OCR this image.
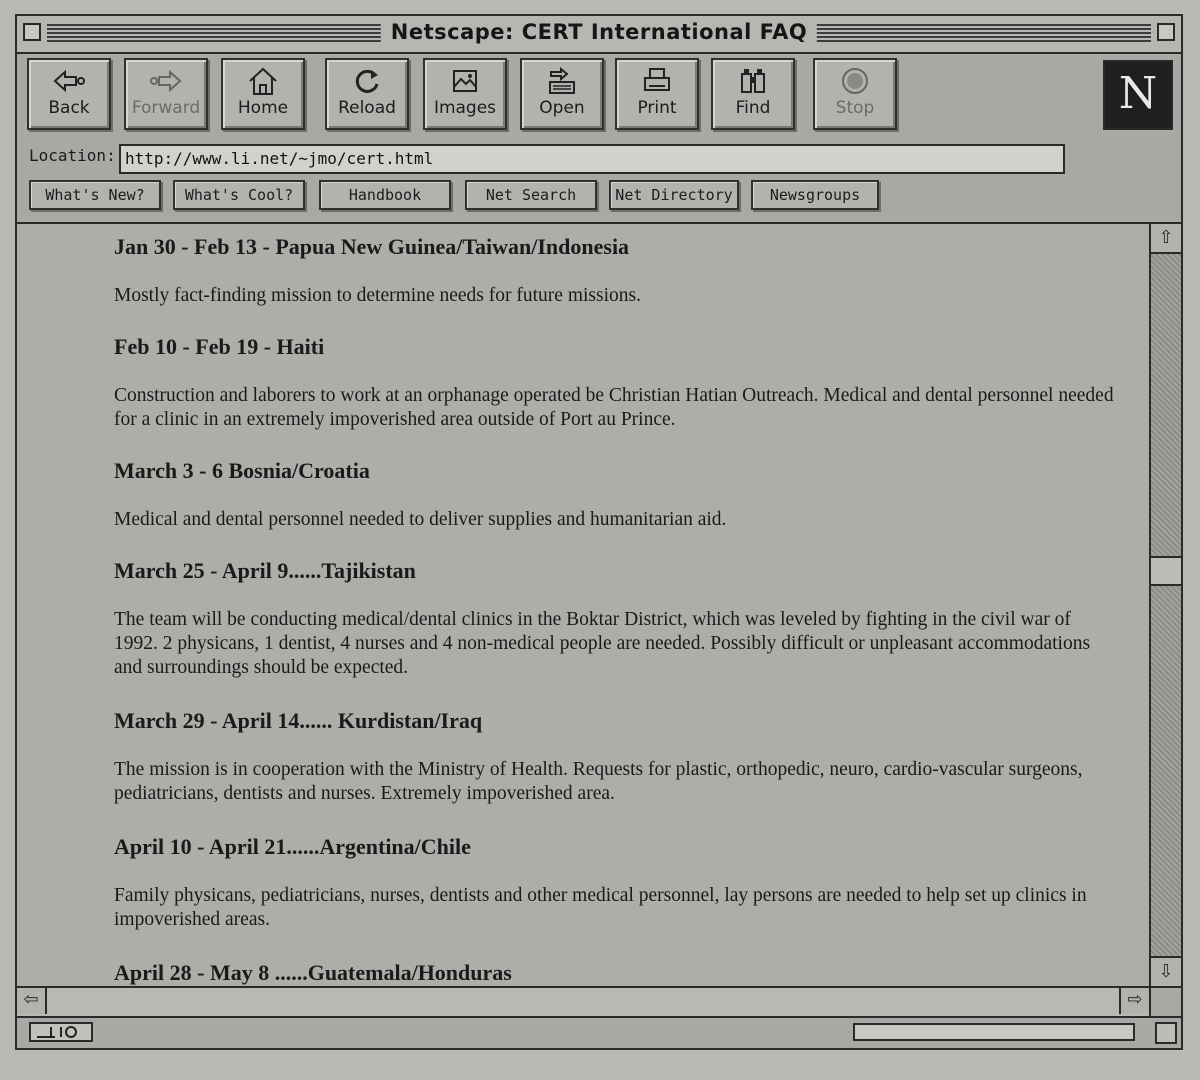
Netscape: CERT International FAQ
Back	Forward	Home	Reload	Images	Open	Print	Find	Stop	N
Location: http://www.li.net/~jmo/cert.html
What's New?	What's Cool?	Handbook	Net Search	Net Directory	Newsgroups
Jan 30 - Feb 13 - Papua New Guinea/Taiwan/Indonesia

Mostly fact-finding mission to determine needs for future missions.

Feb 10 - Feb 19 - Haiti

Construction and laborers to work at an orphanage operated be Christian Hatian Outreach. Medical and dental personnel needed for a clinic in an extremely impoverished area outside of Port au Prince.

March 3 - 6 Bosnia/Croatia

Medical and dental personnel needed to deliver supplies and humanitarian aid.

March 25 - April 9......Tajikistan

The team will be conducting medical/dental clinics in the Boktar District, which was leveled by fighting in the civil war of 1992. 2 physicans, 1 dentist, 4 nurses and 4 non-medical people are needed. Possibly difficult or unpleasant accommodations and surroundings should be expected.

March 29 - April 14...... Kurdistan/Iraq

The mission is in cooperation with the Ministry of Health. Requests for plastic, orthopedic, neuro, cardio-vascular surgeons, pediatricians, dentists and nurses. Extremely impoverished area.

April 10 - April 21......Argentina/Chile

Family physicans, pediatricians, nurses, dentists and other medical personnel, lay persons are needed to help set up clinics in impoverished areas.

April 28 - May 8 ......Guatemala/Honduras
⇧
⇩
⇦	⇨
